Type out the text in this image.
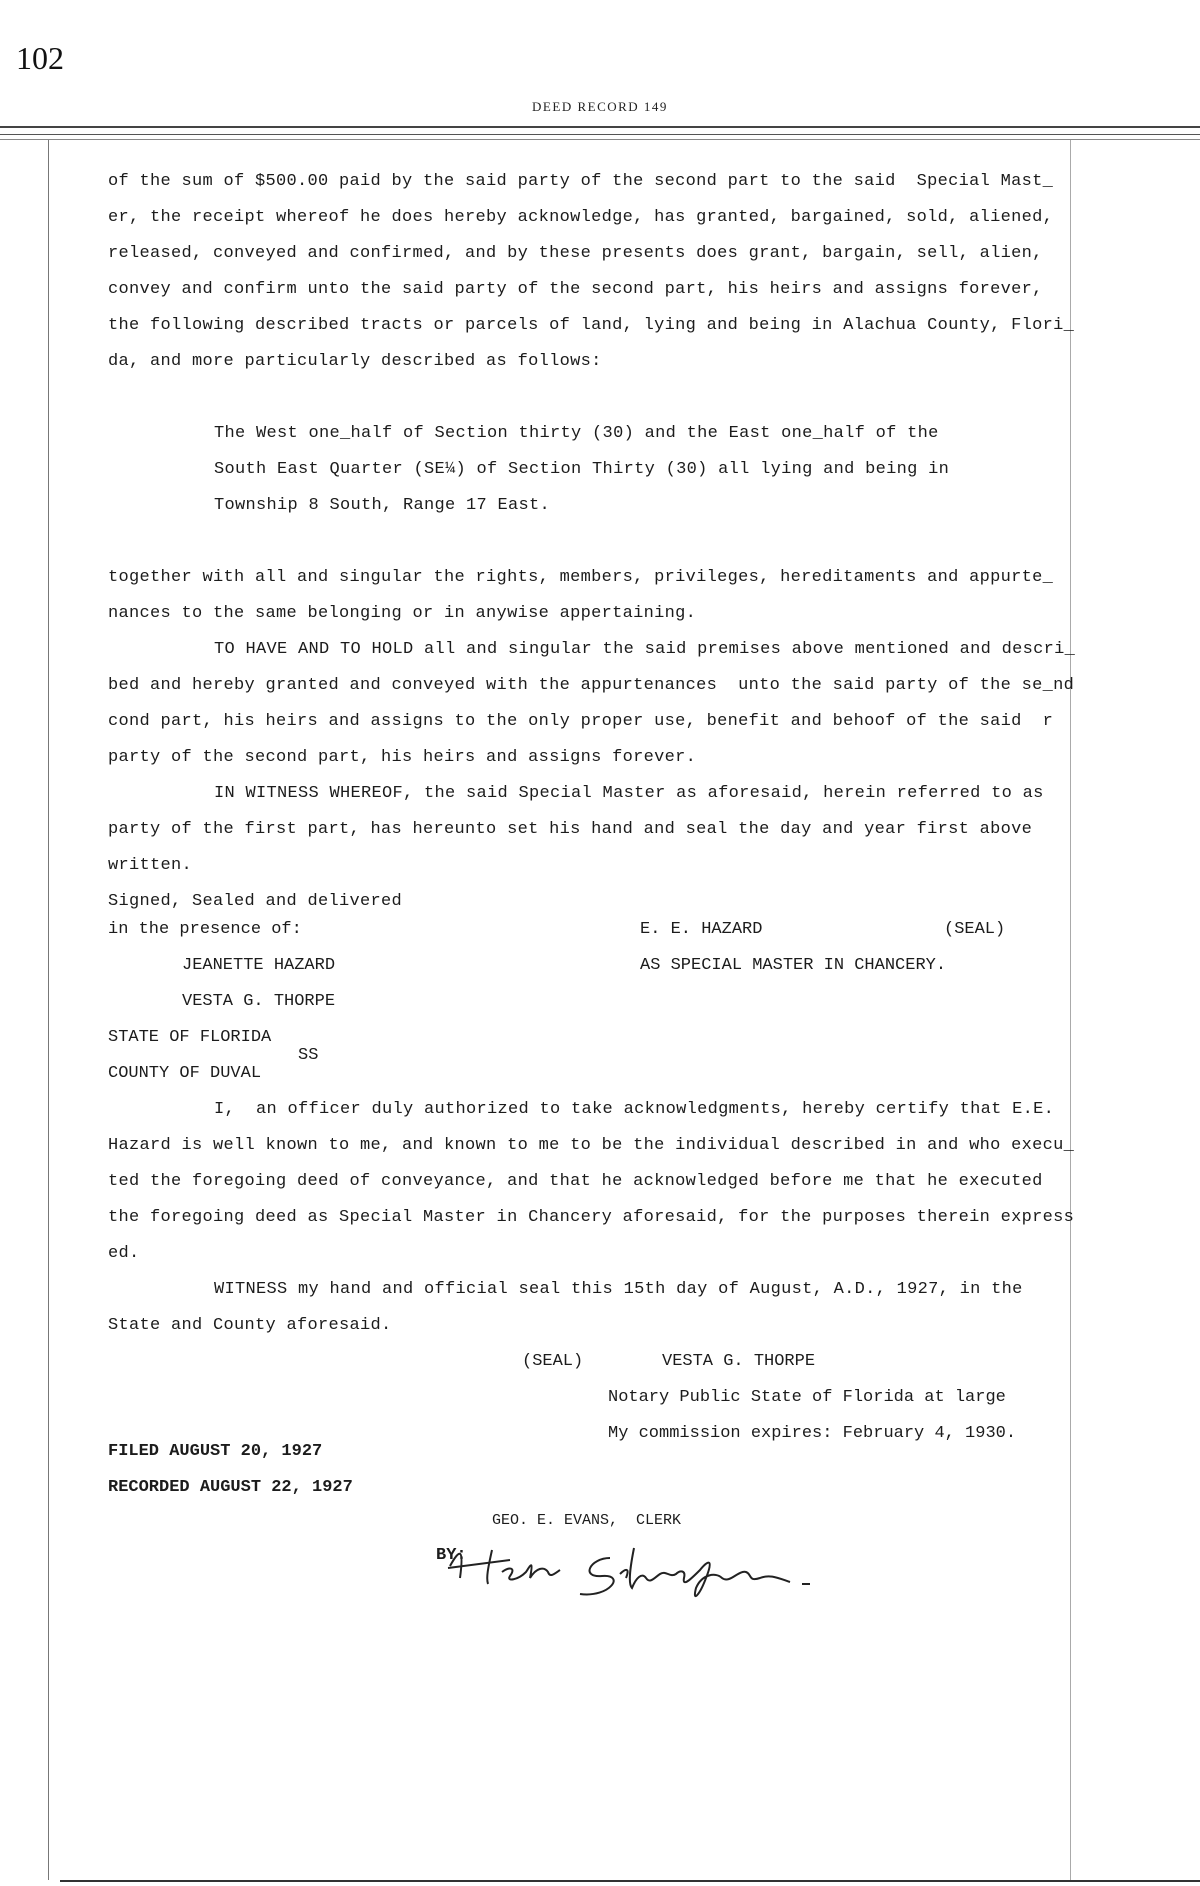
102
DEED RECORD 149
of the sum of $500.00 paid by the said party of the second part to the said  Special Mast_
er, the receipt whereof he does hereby acknowledge, has granted, bargained, sold, aliened,
released, conveyed and confirmed, and by these presents does grant, bargain, sell, alien,
convey and confirm unto the said party of the second part, his heirs and assigns forever,
the following described tracts or parcels of land, lying and being in Alachua County, Flori_
da, and more particularly described as follows:
The West one_half of Section thirty (30) and the East one_half of the
South East Quarter (SE¼) of Section Thirty (30) all lying and being in
Township 8 South, Range 17 East.
together with all and singular the rights, members, privileges, hereditaments and appurte_
nances to the same belonging or in anywise appertaining.
TO HAVE AND TO HOLD all and singular the said premises above mentioned and descri_
bed and hereby granted and conveyed with the appurtenances  unto the said party of the se_nd
cond part, his heirs and assigns to the only proper use, benefit and behoof of the said  r
party of the second part, his heirs and assigns forever.
IN WITNESS WHEREOF, the said Special Master as aforesaid, herein referred to as
party of the first part, has hereunto set his hand and seal the day and year first above
written.
Signed, Sealed and delivered
in the presence of:
JEANETTE HAZARD
VESTA G. THORPE
E. E. HAZARD	(SEAL)
AS SPECIAL MASTER IN CHANCERY.
STATE OF FLORIDA
SS
COUNTY OF DUVAL
I,  an officer duly authorized to take acknowledgments, hereby certify that E.E.
Hazard is well known to me, and known to me to be the individual described in and who execu_
ted the foregoing deed of conveyance, and that he acknowledged before me that he executed
the foregoing deed as Special Master in Chancery aforesaid, for the purposes therein express
ed.
WITNESS my hand and official seal this 15th day of August, A.D., 1927, in the
State and County aforesaid.
(SEAL)	VESTA G. THORPE
Notary Public State of Florida at large
My commission expires: February 4, 1930.
FILED AUGUST 20, 1927
RECORDED AUGUST 22, 1927
GEO. E. EVANS,  CLERK
BY:
Helen Schaefer
